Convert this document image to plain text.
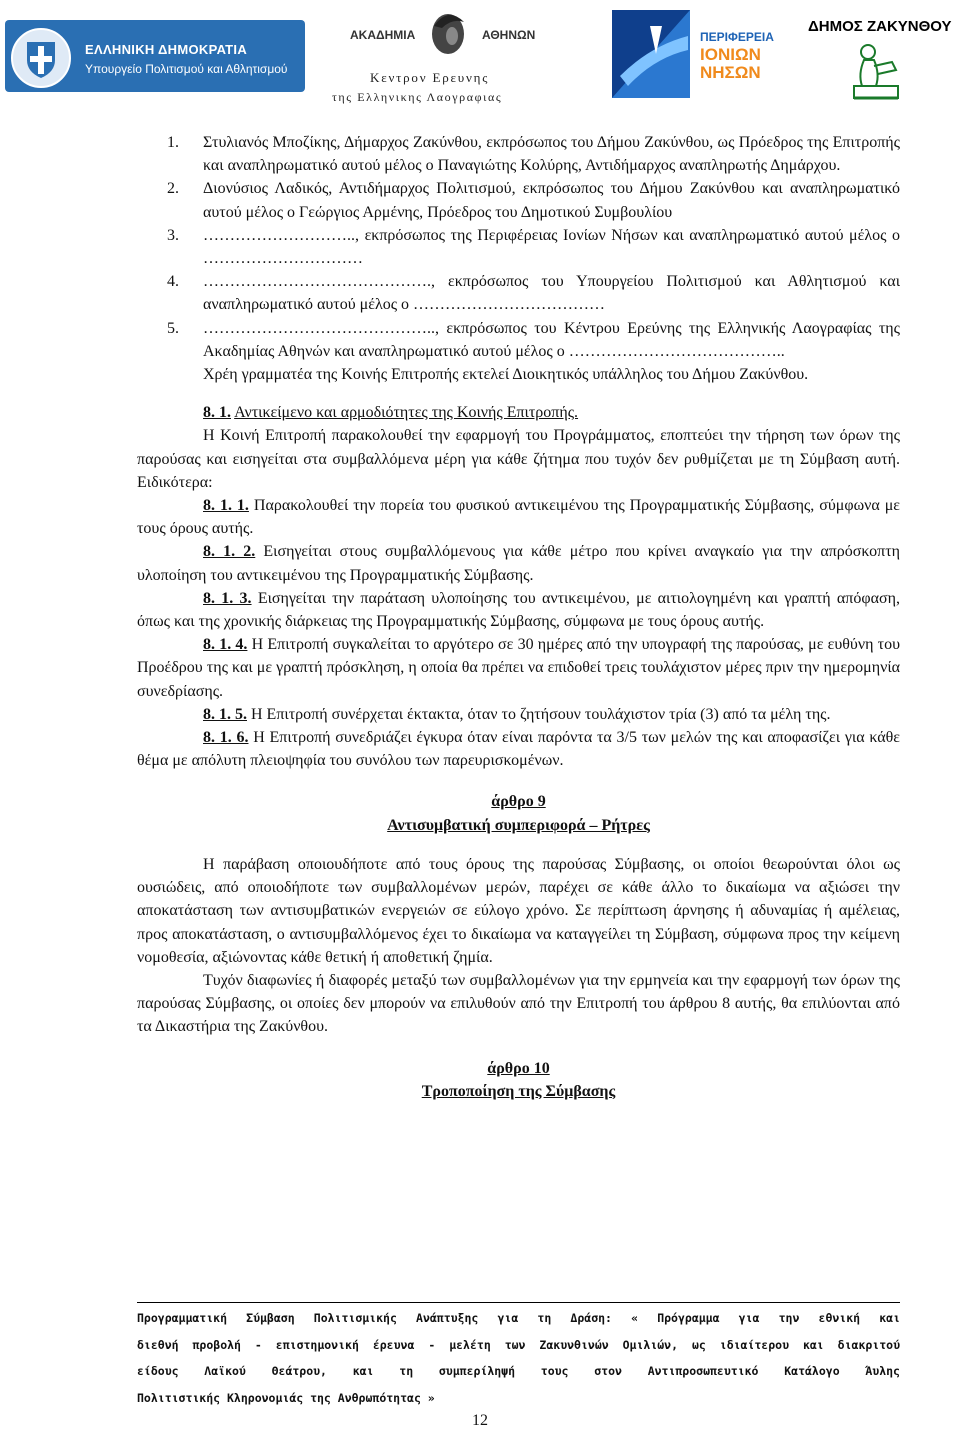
ΕΛΛΗΝΙΚΗ ΔΗΜΟΚΡΑΤΙΑ
Υπουργείο Πολιτισμού και Αθλητισμού
ΑΚΑΔΗΜΙΑ	ΑΘΗΝΩΝ
Κεντρον Ερευνης
της Ελληνικης Λαογραφιας
ΠΕΡΙΦΕΡΕΙΑ
ΙΟΝΙΩΝ
ΝΗΣΩΝ
ΔΗΜΟΣ ΖΑΚΥΝΘΟΥ
1. Στυλιανός Μποζίκης, Δήμαρχος Ζακύνθου, εκπρόσωπος του Δήμου Ζακύνθου, ως Πρόεδρος της Επιτροπής και αναπληρωματικό αυτού μέλος ο Παναγιώτης Κολύρης, Αντιδήμαρχος αναπληρωτής Δημάρχου.
2. Διονύσιος Λαδικός, Αντιδήμαρχος Πολιτισμού, εκπρόσωπος του Δήμου Ζακύνθου και αναπληρωματικό αυτού μέλος ο Γεώργιος Αρμένης, Πρόεδρος του Δημοτικού Συμβουλίου
3. ……………………….., εκπρόσωπος της Περιφέρειας Ιονίων Νήσων και αναπληρωματικό αυτού μέλος ο …………………………
4. ……………………………………., εκπρόσωπος του Υπουργείου Πολιτισμού και Αθλητισμού και αναπληρωματικό αυτού μέλος ο ………………………………
5. …………………………………….., εκπρόσωπος του Κέντρου Ερεύνης της Ελληνικής Λαογραφίας της Ακαδημίας Αθηνών και αναπληρωματικό αυτού μέλος ο …………………………………..

Χρέη γραμματέα της Κοινής Επιτροπής εκτελεί Διοικητικός υπάλληλος του Δήμου Ζακύνθου.

8. 1. Αντικείμενο και αρμοδιότητες της Κοινής Επιτροπής.

Η Κοινή Επιτροπή παρακολουθεί την εφαρμογή του Προγράμματος, εποπτεύει την τήρηση των όρων της παρούσας και εισηγείται στα συμβαλλόμενα μέρη για κάθε ζήτημα που τυχόν δεν ρυθμίζεται με τη Σύμβαση αυτή. Ειδικότερα:

8. 1. 1. Παρακολουθεί την πορεία του φυσικού αντικειμένου της Προγραμματικής Σύμβασης, σύμφωνα με τους όρους αυτής.

8. 1. 2. Εισηγείται στους συμβαλλόμενους για κάθε μέτρο που κρίνει αναγκαίο για την απρόσκοπτη υλοποίηση του αντικειμένου της Προγραμματικής Σύμβασης.

8. 1. 3. Εισηγείται την παράταση υλοποίησης του αντικειμένου, με αιτιολογημένη και γραπτή απόφαση, όπως και της χρονικής διάρκειας της Προγραμματικής Σύμβασης, σύμφωνα με τους όρους αυτής.

8. 1. 4. Η Επιτροπή συγκαλείται το αργότερο σε 30 ημέρες από την υπογραφή της παρούσας, με ευθύνη του Προέδρου της και με γραπτή πρόσκληση, η οποία θα πρέπει να επιδοθεί τρεις τουλάχιστον μέρες πριν την ημερομηνία συνεδρίασης.

8. 1. 5. Η Επιτροπή συνέρχεται έκτακτα, όταν το ζητήσουν τουλάχιστον τρία (3) από τα μέλη της.

8. 1. 6. Η Επιτροπή συνεδριάζει έγκυρα όταν είναι παρόντα τα 3/5 των μελών της και αποφασίζει για κάθε θέμα με απόλυτη πλειοψηφία του συνόλου των παρευρισκομένων.

άρθρο 9

Αντισυμβατική συμπεριφορά – Ρήτρες

Η παράβαση οποιουδήποτε από τους όρους της παρούσας Σύμβασης, οι οποίοι θεωρούνται όλοι ως ουσιώδεις, από οποιοδήποτε των συμβαλλομένων μερών, παρέχει σε κάθε άλλο το δικαίωμα να αξιώσει την αποκατάσταση των αντισυμβατικών ενεργειών σε εύλογο χρόνο. Σε περίπτωση άρνησης ή αδυναμίας ή αμέλειας, προς αποκατάσταση, ο αντισυμβαλλόμενος έχει το δικαίωμα να καταγγείλει τη Σύμβαση, σύμφωνα προς την κείμενη νομοθεσία, αξιώνοντας κάθε θετική ή αποθετική ζημία.

Τυχόν διαφωνίες ή διαφορές μεταξύ των συμβαλλομένων για την ερμηνεία και την εφαρμογή των όρων της παρούσας Σύμβασης, οι οποίες δεν μπορούν να επιλυθούν από την Επιτροπή του άρθρου 8 αυτής, θα επιλύονται από τα Δικαστήρια της Ζακύνθου.

άρθρο 10

Τροποποίηση της Σύμβασης

Προγραμματική Σύμβαση Πολιτισμικής Ανάπτυξης για τη Δράση: « Πρόγραμμα για την εθνική και
διεθνή προβολή - επιστημονική έρευνα - μελέτη των Ζακυνθινών Ομιλιών, ως ιδιαίτερου και διακριτού
είδους Λαϊκού Θεάτρου, και τη συμπερίληψή τους στον Αντιπροσωπευτικό Κατάλογο Άυλης
Πολιτιστικής Κληρονομιάς της Ανθρωπότητας »
12
